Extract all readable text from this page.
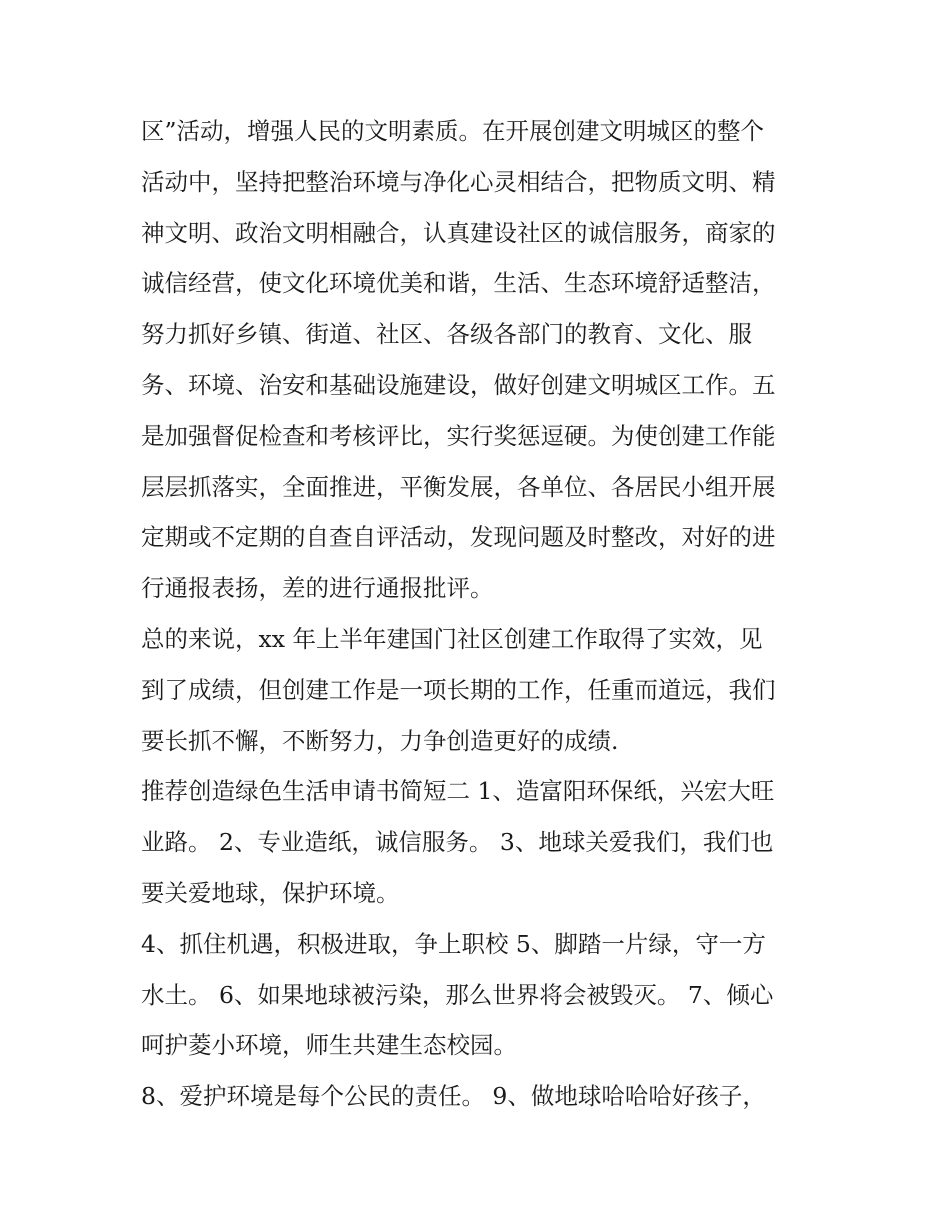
区”活动，增强人民的文明素质。在开展创建文明城区的整个
活动中，坚持把整治环境与净化心灵相结合，把物质文明、精
神文明、政治文明相融合，认真建设社区的诚信服务，商家的
诚信经营，使文化环境优美和谐，生活、生态环境舒适整洁，
努力抓好乡镇、街道、社区、各级各部门的教育、文化、服
务、环境、治安和基础设施建设，做好创建文明城区工作。五
是加强督促检查和考核评比，实行奖惩逗硬。为使创建工作能
层层抓落实，全面推进，平衡发展，各单位、各居民小组开展
定期或不定期的自查自评活动，发现问题及时整改，对好的进
行通报表扬，差的进行通报批评。
总的来说，xx 年上半年建国门社区创建工作取得了实效，见
到了成绩，但创建工作是一项长期的工作，任重而道远，我们
要长抓不懈，不断努力，力争创造更好的成绩.
推荐创造绿色生活申请书简短二 1、造富阳环保纸，兴宏大旺
业路。 2、专业造纸，诚信服务。 3、地球关爱我们，我们也
要关爱地球，保护环境。
4、抓住机遇，积极进取，争上职校 5、脚踏一片绿，守一方
水土。 6、如果地球被污染，那么世界将会被毁灭。 7、倾心
呵护菱小环境，师生共建生态校园。
8、爱护环境是每个公民的责任。 9、做地球哈哈哈好孩子，
